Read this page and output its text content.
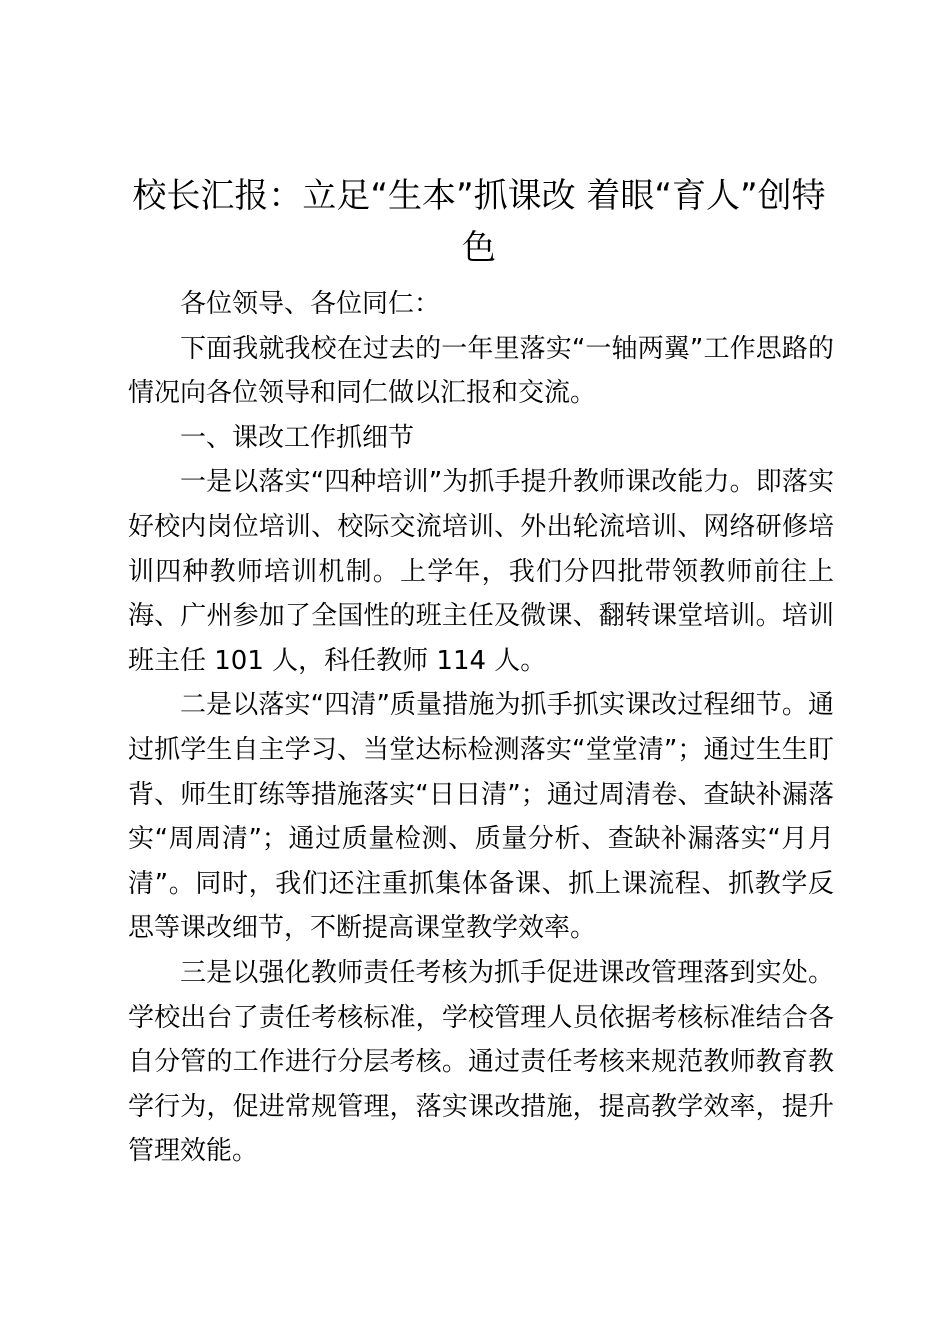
校长汇报：立足“生本”抓课改 着眼“育人”创特色

各位领导、各位同仁：

下面我就我校在过去的一年里落实“一轴两翼”工作思路的情况向各位领导和同仁做以汇报和交流。

一、课改工作抓细节

一是以落实“四种培训”为抓手提升教师课改能力。即落实好校内岗位培训、校际交流培训、外出轮流培训、网络研修培训四种教师培训机制。上学年，我们分四批带领教师前往上海、广州参加了全国性的班主任及微课、翻转课堂培训。培训班主任 101 人，科任教师 114 人。

二是以落实“四清”质量措施为抓手抓实课改过程细节。通过抓学生自主学习、当堂达标检测落实“堂堂清”；通过生生盯背、师生盯练等措施落实“日日清”；通过周清卷、查缺补漏落实“周周清”；通过质量检测、质量分析、查缺补漏落实“月月清”。同时，我们还注重抓集体备课、抓上课流程、抓教学反思等课改细节，不断提高课堂教学效率。

三是以强化教师责任考核为抓手促进课改管理落到实处。学校出台了责任考核标准，学校管理人员依据考核标准结合各自分管的工作进行分层考核。通过责任考核来规范教师教育教学行为，促进常规管理，落实课改措施，提高教学效率，提升管理效能。
